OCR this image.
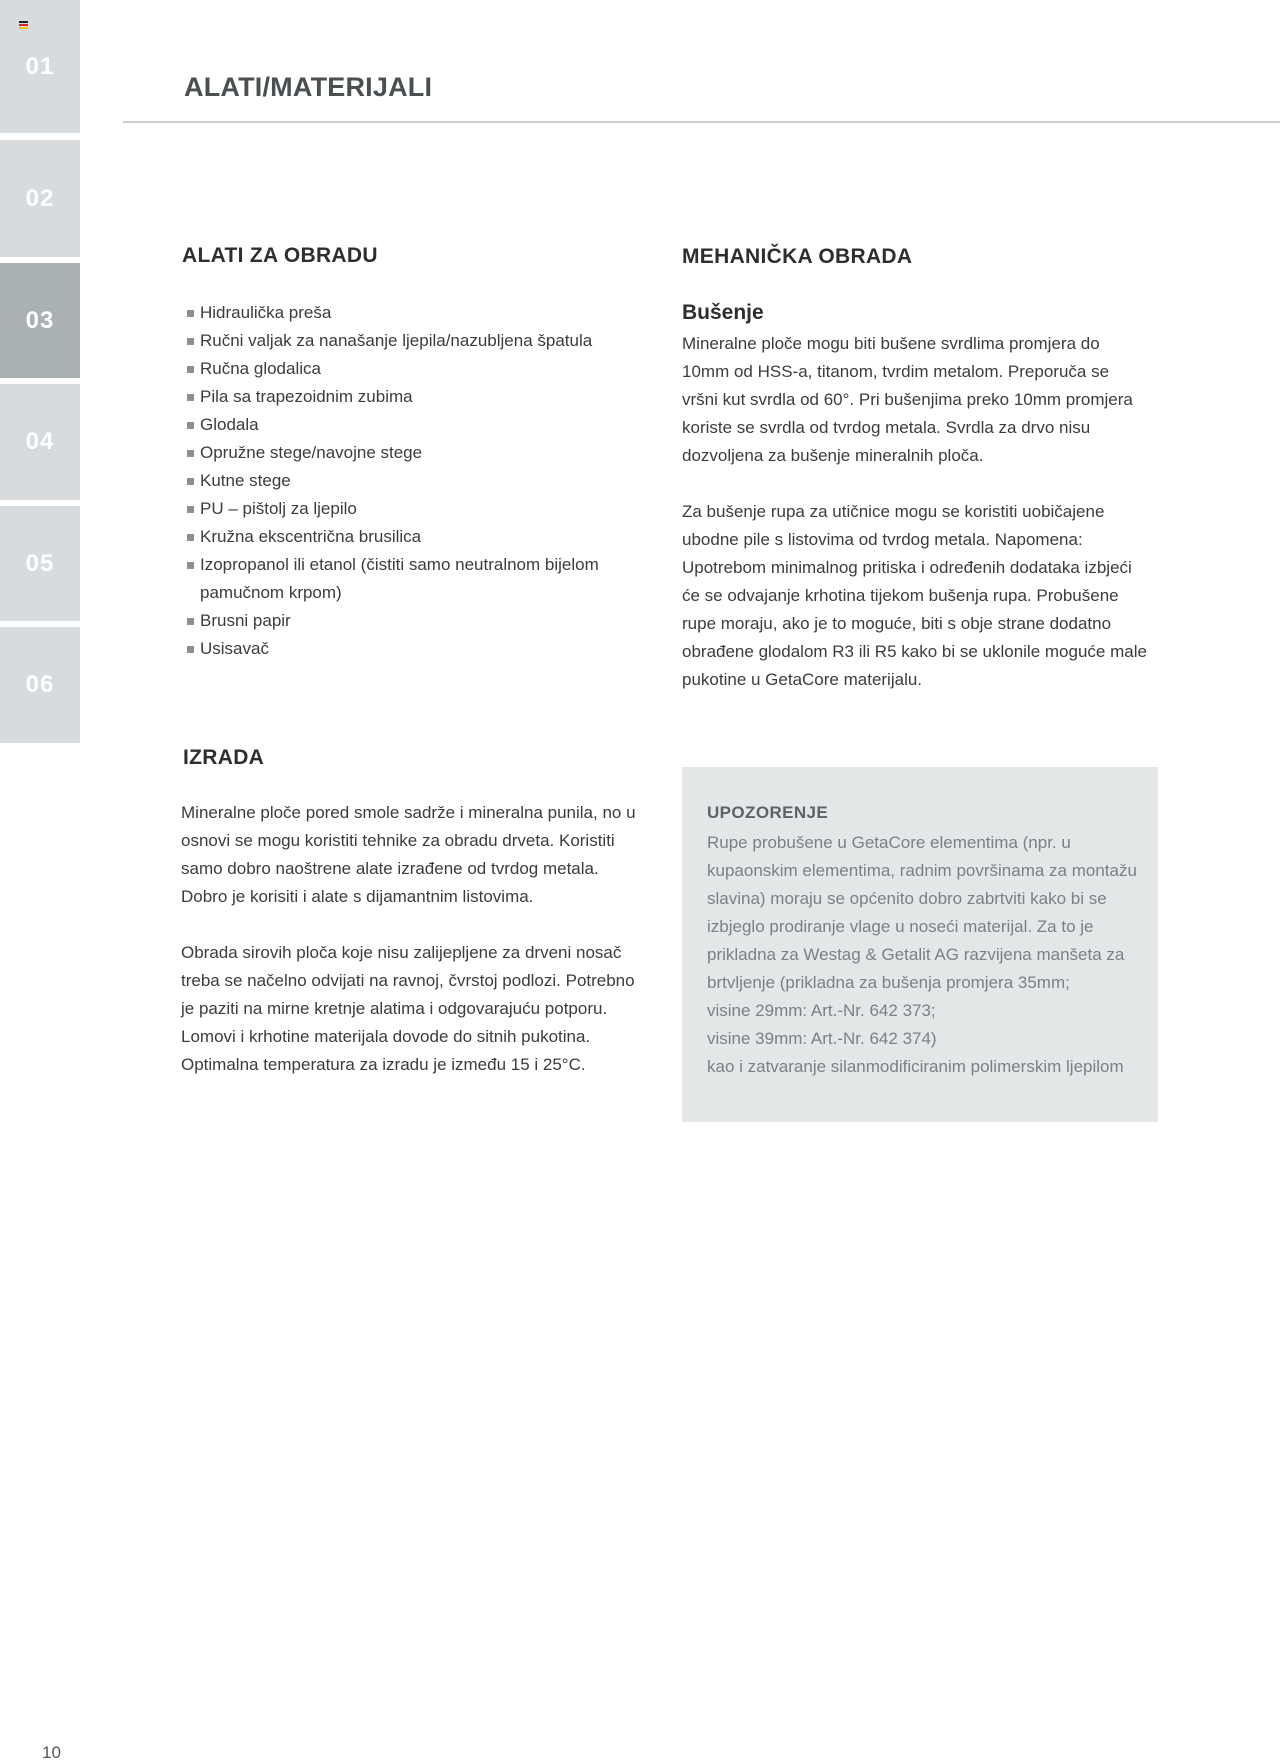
01
02
03
04
05
06
ALATI/MATERIJALI
ALATI ZA OBRADU
Hidraulička preša
Ručni valjak za nanašanje ljepila/nazubljena špatula
Ručna glodalica
Pila sa trapezoidnim zubima
Glodala
Opružne stege/navojne stege
Kutne stege
PU – pištolj za ljepilo
Kružna ekscentrična brusilica
Izopropanol ili etanol (čistiti samo neutralnom bijelom pamučnom krpom)
Brusni papir
Usisavač
MEHANIČKA OBRADA
Bušenje

Mineralne ploče mogu biti bušene svrdlima promjera do 10mm od HSS-a, titanom, tvrdim metalom. Preporuča se vršni kut svrdla od 60°. Pri bušenjima preko 10mm promjera koriste se svrdla od tvrdog metala. Svrdla za drvo nisu dozvoljena za bušenje mineralnih ploča.

Za bušenje rupa za utičnice mogu se koristiti uobičajene ubodne pile s listovima od tvrdog metala. Napomena: Upotrebom minimalnog pritiska i određenih dodataka izbjeći će se odvajanje krhotina tijekom bušenja rupa. Probušene rupe moraju, ako je to moguće, biti s obje strane dodatno obrađene glodalom R3 ili R5 kako bi se uklonile moguće male pukotine u GetaCore materijalu.

IZRADA

Mineralne ploče pored smole sadrže i mineralna punila, no u osnovi se mogu koristiti tehnike za obradu drveta. Koristiti samo dobro naoštrene alate izrađene od tvrdog metala. Dobro je korisiti i alate s dijamantnim listovima.

Obrada sirovih ploča koje nisu zalijepljene za drveni nosač treba se načelno odvijati na ravnoj, čvrstoj podlozi. Potrebno je paziti na mirne kretnje alatima i odgovarajuću potporu. Lomovi i krhotine materijala dovode do sitnih pukotina. Optimalna temperatura za izradu je između 15 i 25°C.

UPOZORENJE
Rupe probušene u GetaCore elementima (npr. u kupaonskim elementima, radnim površinama za montažu slavina) moraju se općenito dobro zabrtviti kako bi se izbjeglo prodiranje vlage u noseći materijal. Za to je prikladna za Westag & Getalit AG razvijena manšeta za brtvljenje (prikladna za bušenja promjera 35mm;
visine 29mm: Art.-Nr. 642 373;
visine 39mm: Art.-Nr. 642 374)
kao i zatvaranje silanmodificiranim polimerskim ljepilom
10
